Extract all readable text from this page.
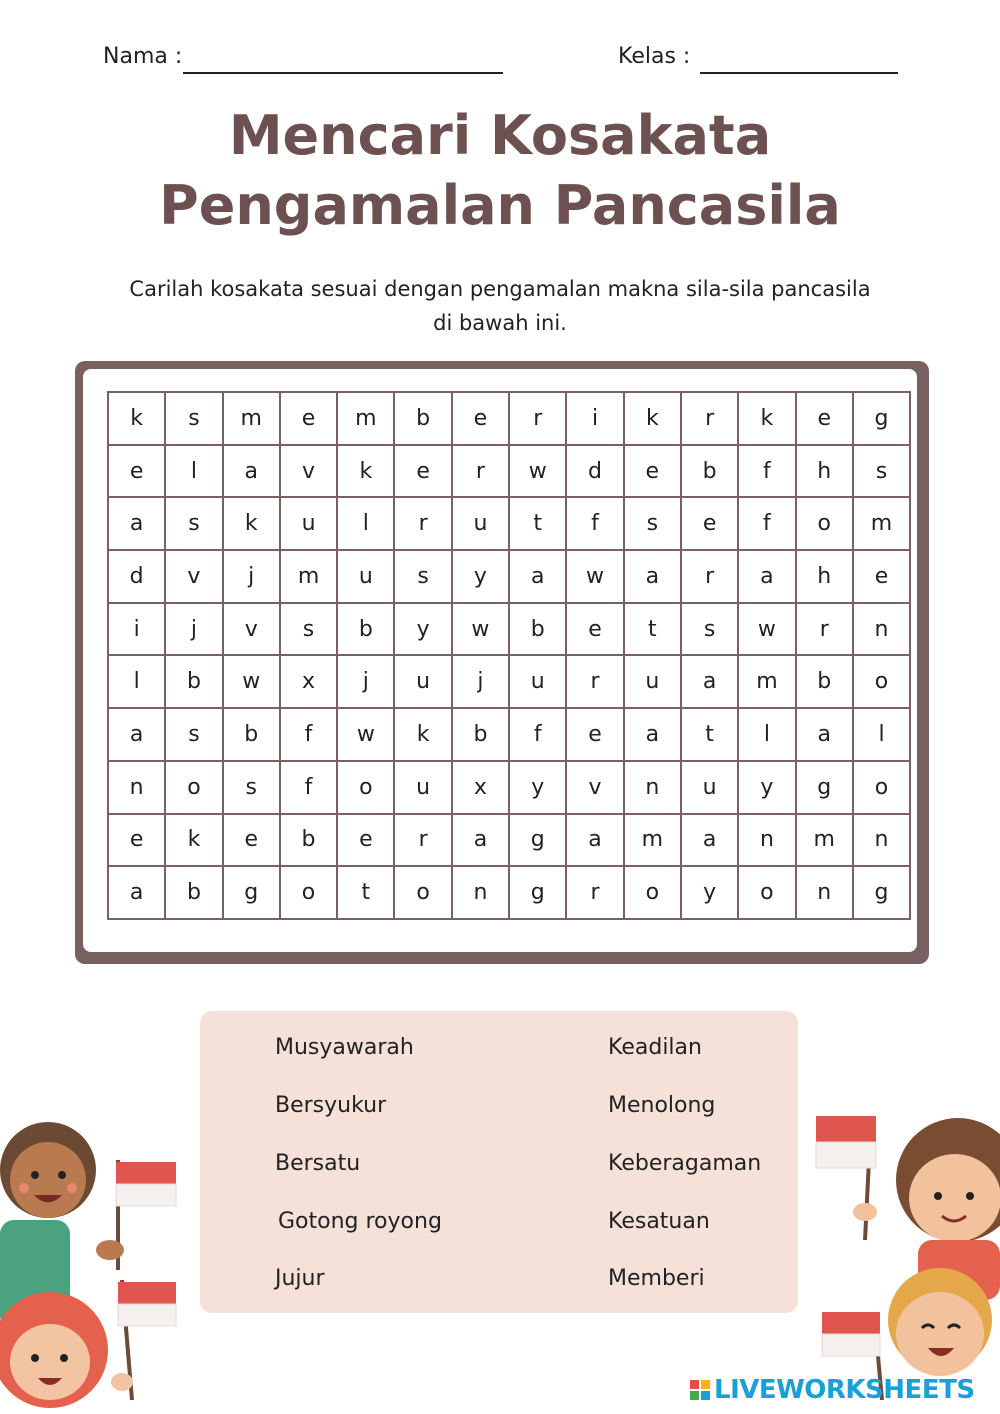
Nama :	Kelas :
Mencari Kosakata
Pengamalan Pancasila
Carilah kosakata sesuai dengan pengamalan makna sila-sila pancasila
di bawah ini.
k	s	m	e	m	b	e	r	i	k	r	k	e	g
e	l	a	v	k	e	r	w	d	e	b	f	h	s
a	s	k	u	l	r	u	t	f	s	e	f	o	m
d	v	j	m	u	s	y	a	w	a	r	a	h	e
i	j	v	s	b	y	w	b	e	t	s	w	r	n
l	b	w	x	j	u	j	u	r	u	a	m	b	o
a	s	b	f	w	k	b	f	e	a	t	l	a	l
n	o	s	f	o	u	x	y	v	n	u	y	g	o
e	k	e	b	e	r	a	g	a	m	a	n	m	n
a	b	g	o	t	o	n	g	r	o	y	o	n	g
Musyawarah
Bersyukur
Bersatu
Gotong royong
Jujur
Keadilan
Menolong
Keberagaman
Kesatuan
Memberi
LIVEWORKSHEETS
